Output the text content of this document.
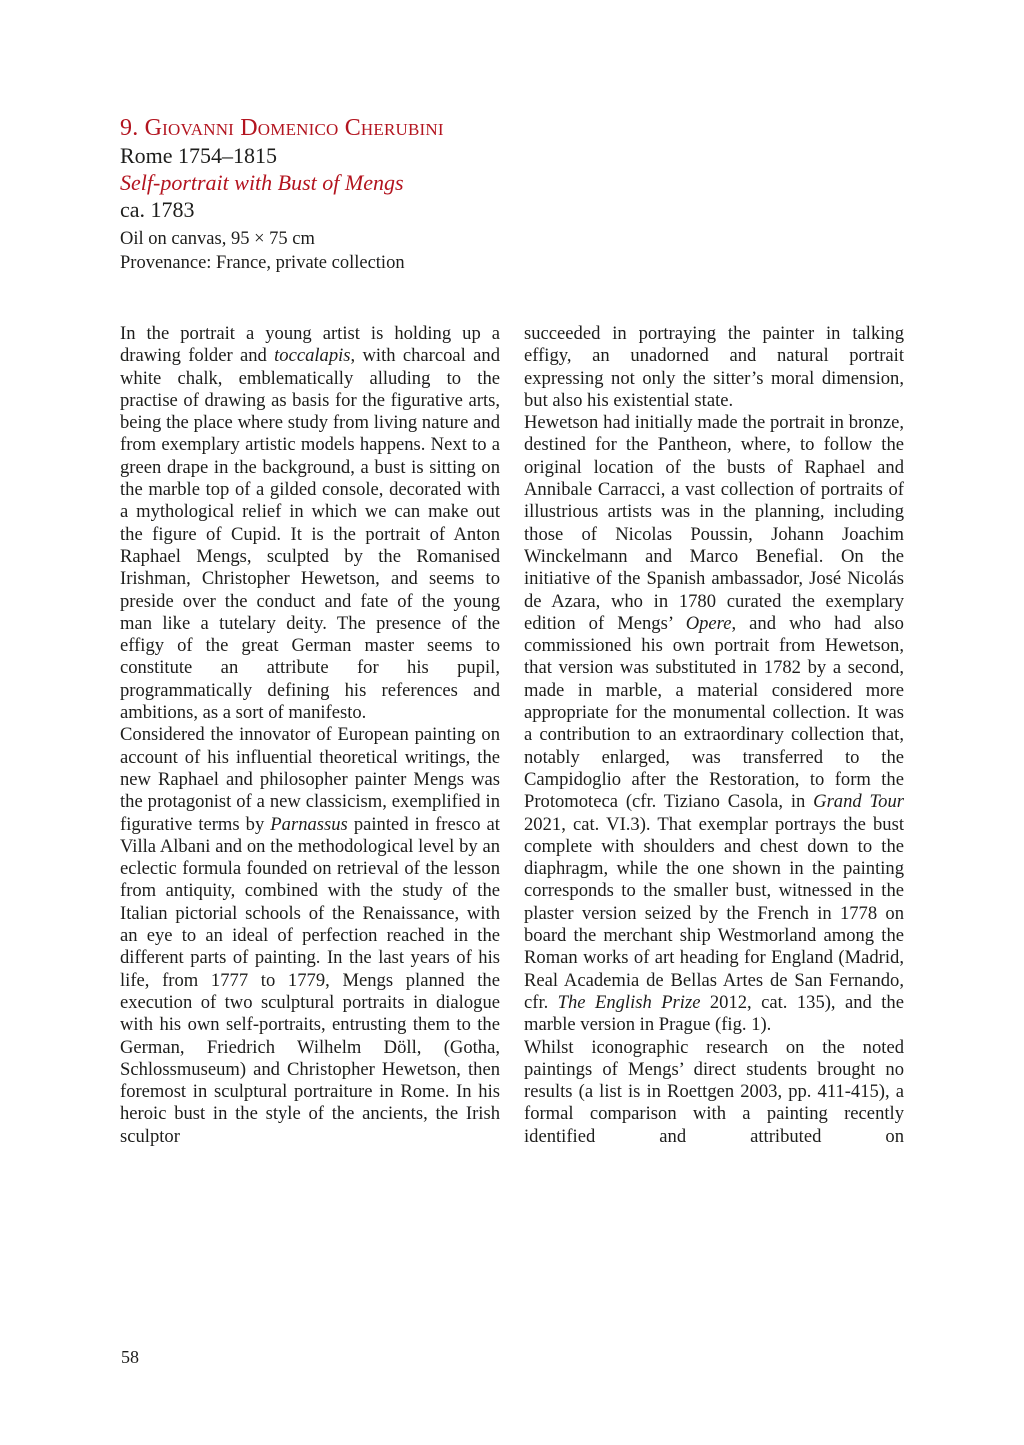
9. Giovanni Domenico Cherubini

Rome 1754–1815

Self-portrait with Bust of Mengs

ca. 1783

Oil on canvas, 95 × 75 cm

Provenance: France, private collection

In the portrait a young artist is holding up a drawing folder and toccalapis, with charcoal and white chalk, emblematically alluding to the practise of drawing as basis for the figurative arts, being the place where study from living nature and from exemplary artistic models happens. Next to a green drape in the background, a bust is sitting on the marble top of a gilded console, decorated with a mythological relief in which we can make out the figure of Cupid. It is the portrait of Anton Raphael Mengs, sculpted by the Romanised Irishman, Christopher Hewetson, and seems to preside over the conduct and fate of the young man like a tutelary deity. The presence of the effigy of the great German master seems to constitute an attribute for his pupil, programmatically defining his references and ambitions, as a sort of manifesto.

Considered the innovator of European painting on account of his influential theoretical writings, the new Raphael and philosopher painter Mengs was the protagonist of a new classicism, exemplified in figurative terms by Parnassus painted in fresco at Villa Albani and on the methodological level by an eclectic formula founded on retrieval of the lesson from antiquity, combined with the study of the Italian pictorial schools of the Renaissance, with an eye to an ideal of perfection reached in the different parts of painting. In the last years of his life, from 1777 to 1779, Mengs planned the execution of two sculptural portraits in dialogue with his own self-portraits, entrusting them to the German, Friedrich Wilhelm Döll, (Gotha, Schlossmuseum) and Christopher Hewetson, then foremost in sculptural portraiture in Rome. In his heroic bust in the style of the ancients, the Irish sculptor

succeeded in portraying the painter in talking effigy, an unadorned and natural portrait expressing not only the sitter’s moral dimension, but also his existential state.

Hewetson had initially made the portrait in bronze, destined for the Pantheon, where, to follow the original location of the busts of Raphael and Annibale Carracci, a vast collection of portraits of illustrious artists was in the planning, including those of Nicolas Poussin, Johann Joachim Winckelmann and Marco Benefial. On the initiative of the Spanish ambassador, José Nicolás de Azara, who in 1780 curated the exemplary edition of Mengs’ Opere, and who had also commissioned his own portrait from Hewetson, that version was substituted in 1782 by a second, made in marble, a material considered more appropriate for the monumental collection. It was a contribution to an extraordinary collection that, notably enlarged, was transferred to the Campidoglio after the Restoration, to form the Protomoteca (cfr. Tiziano Casola, in Grand Tour 2021, cat. VI.3). That exemplar portrays the bust complete with shoulders and chest down to the diaphragm, while the one shown in the painting corresponds to the smaller bust, witnessed in the plaster version seized by the French in 1778 on board the merchant ship Westmorland among the Roman works of art heading for England (Madrid, Real Academia de Bellas Artes de San Fernando, cfr. The English Prize 2012, cat. 135), and the marble version in Prague (fig. 1).

Whilst iconographic research on the noted paintings of Mengs’ direct students brought no results (a list is in Roettgen 2003, pp. 411-415), a formal comparison with a painting recently identified and attributed on

58
